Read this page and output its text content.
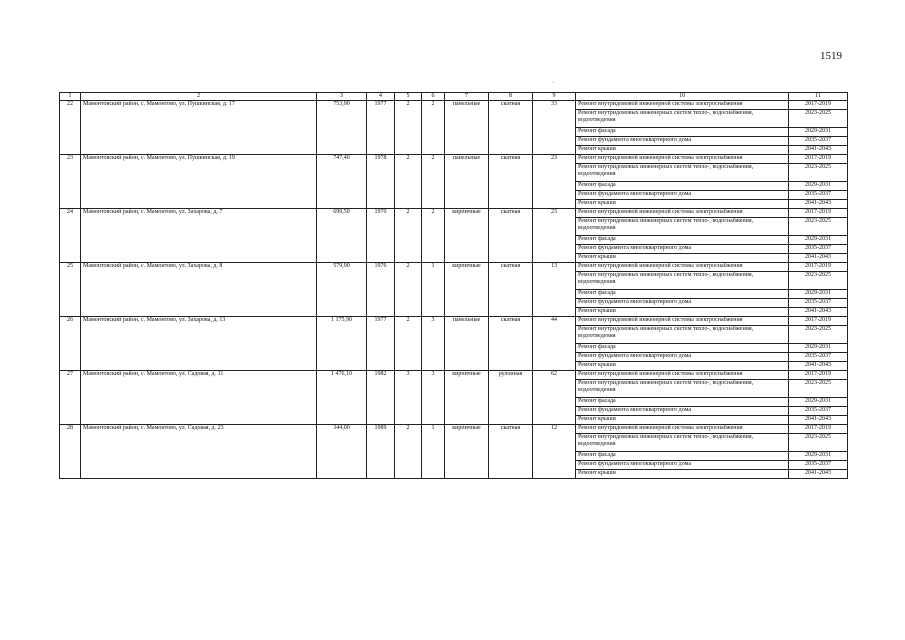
1519
·
1	2	3	4	5	6	7	8	9	10	11
22	Мамонтовский район, с. Мамонтово, ул. Пушкинская, д. 17	753,90	1977	2	2	панельные	скатная	33	Ремонт внутридомовой инженерной системы электроснабжения	2017-2019
									Ремонт внутридомовых инженерных систем тепло-, водоснабжения, водоотведения	2023-2025
									Ремонт фасада	2029-2031
									Ремонт фундамента многоквартирного дома	2035-2037
									Ремонт крыши	2041-2043
23	Мамонтовский район, с. Мамонтово, ул. Пушкинская, д. 19	747,40	1978	2	2	панельные	скатная	23	Ремонт внутридомовой инженерной системы электроснабжения	2017-2019
									Ремонт внутридомовых инженерных систем тепло-, водоснабжения, водоотведения	2023-2025
									Ремонт фасада	2029-2031
									Ремонт фундамента многоквартирного дома	2035-2037
									Ремонт крыши	2041-2043
24	Мамонтовский район, с. Мамонтово, ул. Захарова, д. 7	699,50	1970	2	2	кирпичные	скатная	23	Ремонт внутридомовой инженерной системы электроснабжения	2017-2019
									Ремонт внутридомовых инженерных систем тепло-, водоснабжения, водоотведения	2023-2025
									Ремонт фасада	2029-2031
									Ремонт фундамента многоквартирного дома	2035-2037
									Ремонт крыши	2041-2043
25	Мамонтовский район, с. Мамонтово, ул. Захарова, д. 8	579,90	1976	2	1	кирпичные	скатная	13	Ремонт внутридомовой инженерной системы электроснабжения	2017-2019
									Ремонт внутридомовых инженерных систем тепло-, водоснабжения, водоотведения	2023-2025
									Ремонт фасада	2029-2031
									Ремонт фундамента многоквартирного дома	2035-2037
									Ремонт крыши	2041-2043
26	Мамонтовский район, с. Мамонтово, ул. Захарова, д. 13	1 175,90	1977	2	3	панельные	скатная	44	Ремонт внутридомовой инженерной системы электроснабжения	2017-2019
									Ремонт внутридомовых инженерных систем тепло-, водоснабжения, водоотведения	2023-2025
									Ремонт фасада	2029-2031
									Ремонт фундамента многоквартирного дома	2035-2037
									Ремонт крыши	2041-2043
27	Мамонтовский район, с. Мамонтово, ул. Садовая, д. 11	1 476,10	1982	3	3	кирпичные	рулонная	62	Ремонт внутридомовой инженерной системы электроснабжения	2017-2019
									Ремонт внутридомовых инженерных систем тепло-, водоснабжения, водоотведения	2023-2025
									Ремонт фасада	2029-2031
									Ремонт фундамента многоквартирного дома	2035-2037
									Ремонт крыши	2041-2043
28	Мамонтовский район, с. Мамонтово, ул. Садовая, д. 23	344,00	1989	2	1	кирпичные	скатная	12	Ремонт внутридомовой инженерной системы электроснабжения	2017-2019
									Ремонт внутридомовых инженерных систем тепло-, водоснабжения, водоотведения	2023-2025
									Ремонт фасада	2029-2031
									Ремонт фундамента многоквартирного дома	2035-2037
									Ремонт крыши	2041-2043
